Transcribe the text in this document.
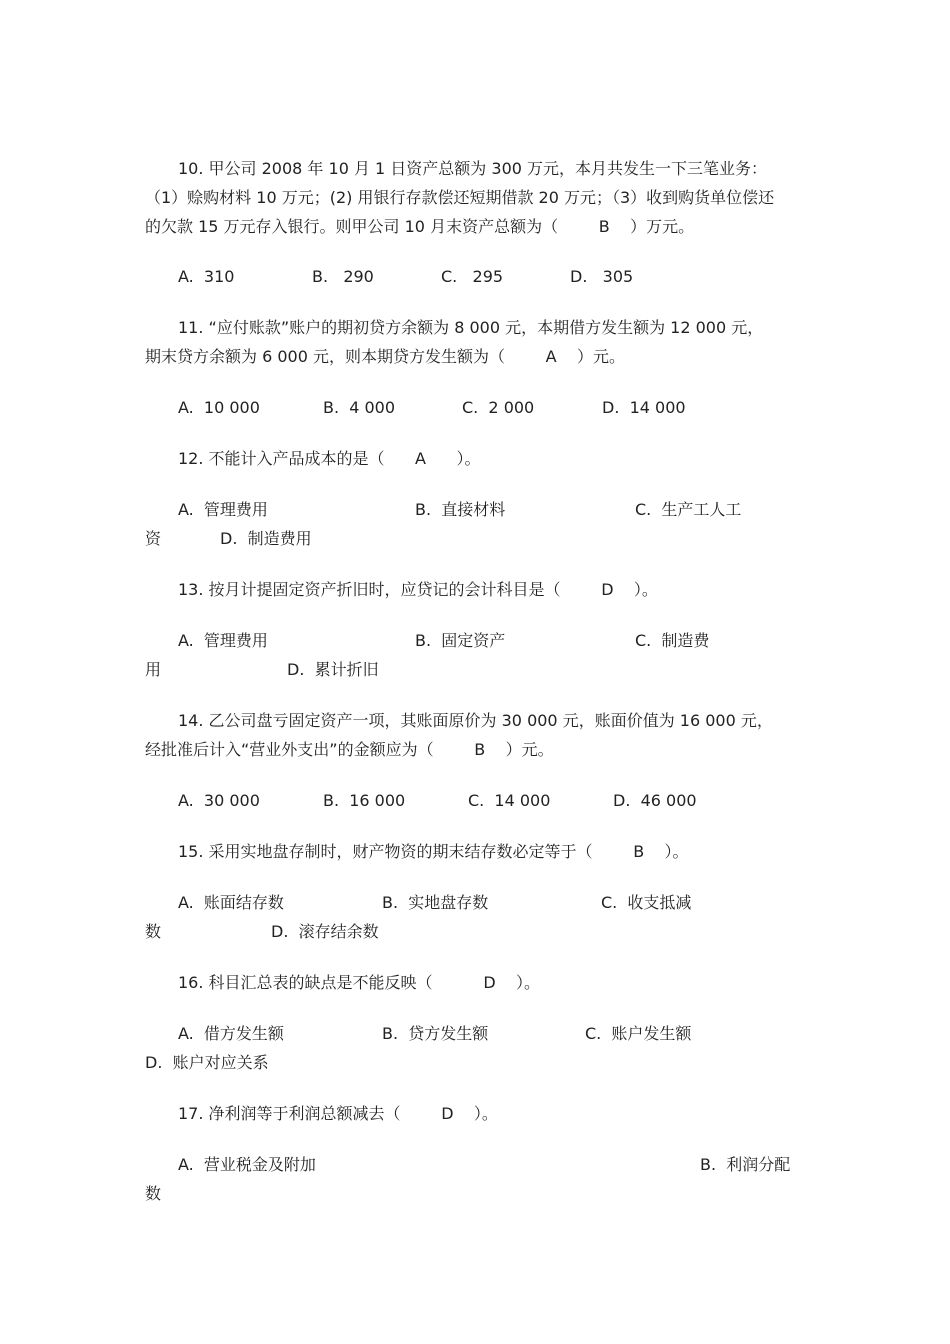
10. 甲公司 2008 年 10 月 1 日资产总额为 300 万元，本月共发生一下三笔业务：
（1）赊购材料 10 万元；(2) 用银行存款偿还短期借款 20 万元；（3）收到购货单位偿还
的欠款 15 万元存入银行。则甲公司 10 月末资产总额为（        B    ）万元。
A.  310	B.   290	C.   295	D.   305
11. “应付账款”账户的期初贷方余额为 8 000 元，本期借方发生额为 12 000 元，
期末贷方余额为 6 000 元，则本期贷方发生额为（        A    ）元。
A.  10 000	B.  4 000	C.  2 000	D.  14 000
12. 不能计入产品成本的是（      A      ）。
A.  管理费用	B.  直接材料	C.  生产工人工
资	D.  制造费用
13. 按月计提固定资产折旧时，应贷记的会计科目是（        D    ）。
A.  管理费用	B.  固定资产	C.  制造费
用	D.  累计折旧
14. 乙公司盘亏固定资产一项，其账面原价为 30 000 元，账面价值为 16 000 元，
经批准后计入“营业外支出”的金额应为（        B    ）元。
A.  30 000	B.  16 000	C.  14 000	D.  46 000
15. 采用实地盘存制时，财产物资的期末结存数必定等于（        B    ）。
A.  账面结存数	B.  实地盘存数	C.  收支抵减
数	D.  滚存结余数
16. 科目汇总表的缺点是不能反映（          D    ）。
A.  借方发生额	B.  贷方发生额	C.  账户发生额
D.  账户对应关系
17. 净利润等于利润总额减去（        D    ）。
A.  营业税金及附加	B.  利润分配
数
